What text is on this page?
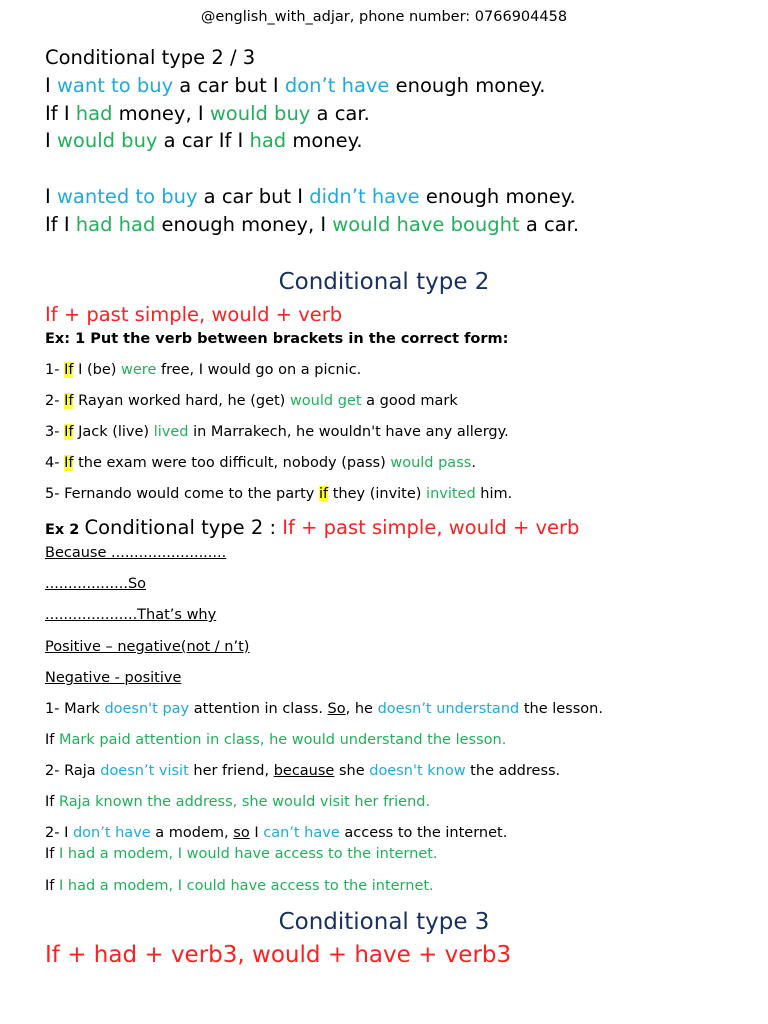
@english_with_adjar, phone number: 0766904458
Conditional type 2 / 3
I want to buy a car but I don’t have enough money.
If I had money, I would buy a car.
I would buy a car If I had money.
I wanted to buy a car but I didn’t have enough money.
If I had had enough money, I would have bought a car.
Conditional type 2
If + past simple, would + verb
Ex: 1 Put the verb between brackets in the correct form:
1- If I (be) were free, I would go on a picnic.
2- If Rayan worked hard, he (get) would get a good mark
3- If Jack (live) lived in Marrakech, he wouldn't have any allergy.
4- If the exam were too difficult, nobody (pass) would pass.
5- Fernando would come to the party if they (invite) invited him.
Ex 2 Conditional type 2 : If + past simple, would + verb
Because .........................
..................So
....................That’s why
Positive – negative(not / n’t)
Negative - positive
1- Mark doesn't pay attention in class. So, he doesn’t understand the lesson.
If Mark paid attention in class, he would understand the lesson.
2- Raja doesn’t visit her friend, because she doesn't know the address.
If Raja known the address, she would visit her friend.
2- I don’t have a modem, so I can’t have access to the internet.
If I had a modem, I would have access to the internet.
If I had a modem, I could have access to the internet.
Conditional type 3
If + had + verb3, would + have + verb3
